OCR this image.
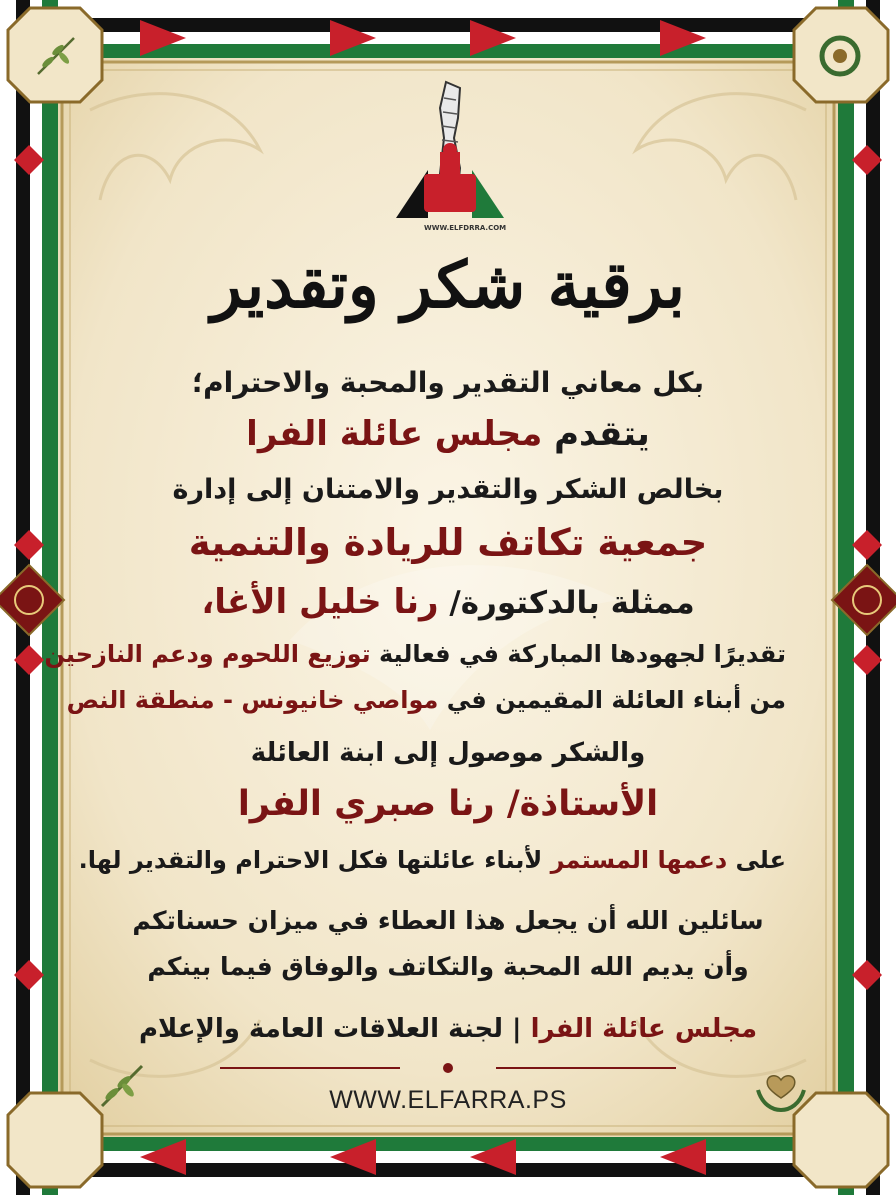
WWW.ELFDRRA.COM
برقية شكر وتقدير
بكل معاني التقدير والمحبة والاحترام؛
يتقدم مجلس عائلة الفرا
بخالص الشكر والتقدير والامتنان إلى إدارة
جمعية تكاتف للريادة والتنمية
ممثلة بالدكتورة/ رنا خليل الأغا،
تقديرًا لجهودها المباركة في فعالية توزيع اللحوم ودعم النازحين
من أبناء العائلة المقيمين في مواصي خانيونس - منطقة النص
والشكر موصول إلى ابنة العائلة
الأستاذة/ رنا صبري الفرا
على دعمها المستمر لأبناء عائلتها فكل الاحترام والتقدير لها.
سائلين الله أن يجعل هذا العطاء في ميزان حسناتكم
وأن يديم الله المحبة والتكاتف والوفاق فيما بينكم
مجلس عائلة الفرا | لجنة العلاقات العامة والإعلام
WWW.ELFARRA.PS
